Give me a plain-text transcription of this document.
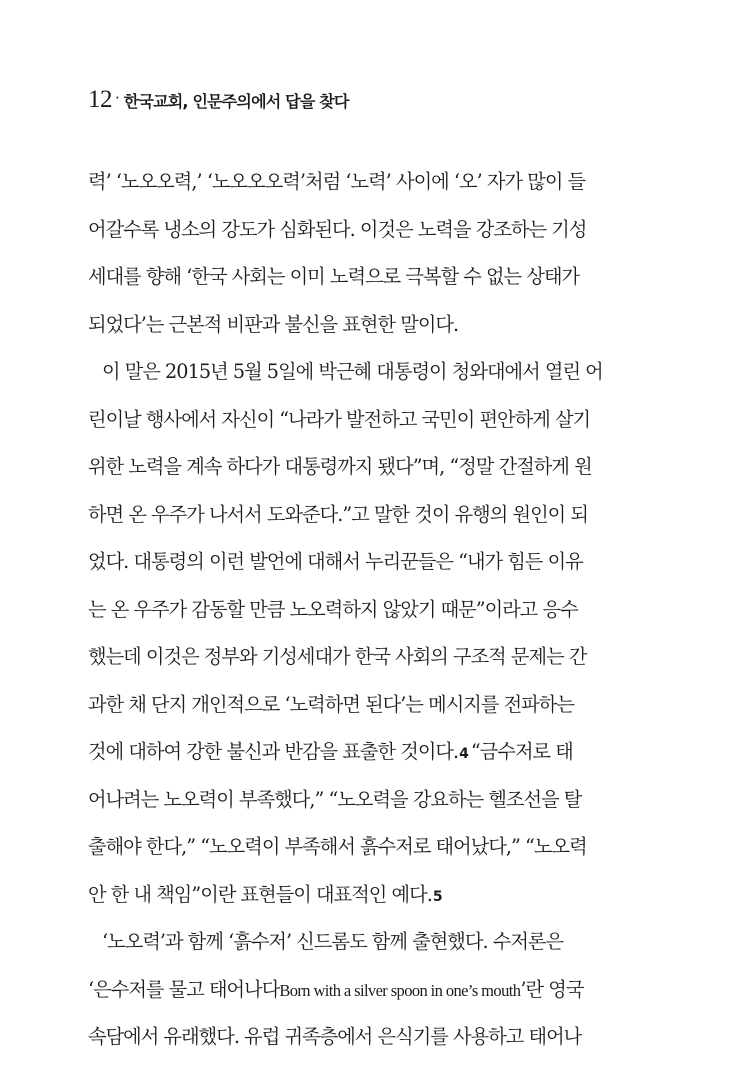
12 · 한국교회, 인문주의에서 답을 찾다
력’ ‘노오오력,’ ‘노오오오력’처럼 ‘노력’ 사이에 ‘오’ 자가 많이 들
어갈수록 냉소의 강도가 심화된다. 이것은 노력을 강조하는 기성
세대를 향해 ‘한국 사회는 이미 노력으로 극복할 수 없는 상태가
되었다’는 근본적 비판과 불신을 표현한 말이다.
이 말은 2015년 5월 5일에 박근혜 대통령이 청와대에서 열린 어
린이날 행사에서 자신이 “나라가 발전하고 국민이 편안하게 살기
위한 노력을 계속 하다가 대통령까지 됐다”며, “정말 간절하게 원
하면 온 우주가 나서서 도와준다.”고 말한 것이 유행의 원인이 되
었다. 대통령의 이런 발언에 대해서 누리꾼들은 “내가 힘든 이유
는 온 우주가 감동할 만큼 노오력하지 않았기 때문”이라고 응수
했는데 이것은 정부와 기성세대가 한국 사회의 구조적 문제는 간
과한 채 단지 개인적으로 ‘노력하면 된다’는 메시지를 전파하는
것에 대하여 강한 불신과 반감을 표출한 것이다.4 “금수저로 태
어나려는 노오력이 부족했다,” “노오력을 강요하는 헬조선을 탈
출해야 한다,” “노오력이 부족해서 흙수저로 태어났다,” “노오력
안 한 내 책임”이란 표현들이 대표적인 예다.5
‘노오력’과 함께 ‘흙수저’ 신드롬도 함께 출현했다. 수저론은
‘은수저를 물고 태어나다Born with a silver spoon in one’s mouth’란 영국
속담에서 유래했다. 유럽 귀족층에서 은식기를 사용하고 태어나
